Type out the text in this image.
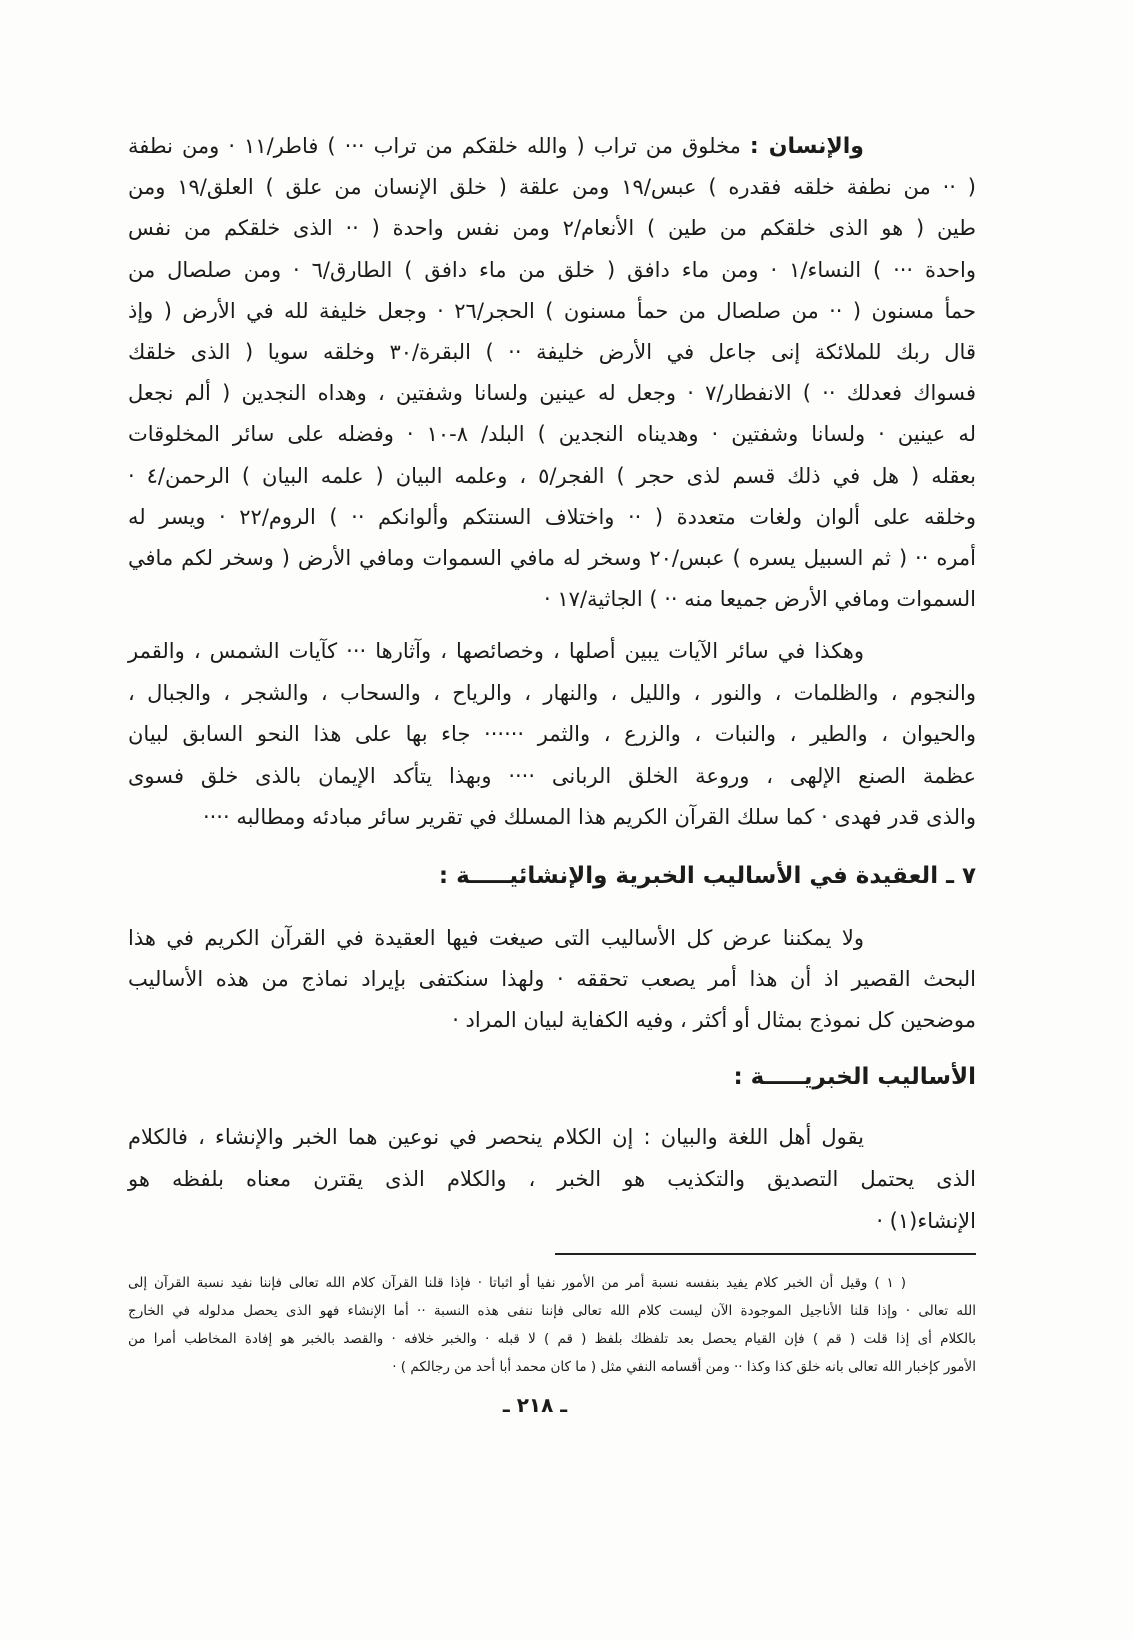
والإنسان : مخلوق من تراب ( والله خلقكم من تراب ··· ) فاطر/١١ · ومن نطفة
( ·· من نطفة خلقه فقدره ) عبس/١٩ ومن علقة ( خلق الإنسان من علق ) العلق/١٩ ومن
طين ( هو الذى خلقكم من طين ) الأنعام/٢ ومن نفس واحدة ( ·· الذى خلقكم من نفس
واحدة ··· ) النساء/١ · ومن ماء دافق ( خلق من ماء دافق ) الطارق/٦ · ومن صلصال من
حمأ مسنون ( ·· من صلصال من حمأ مسنون ) الحجر/٢٦ · وجعل خليفة لله في الأرض ( وإذ
قال ربك للملائكة إنى جاعل في الأرض خليفة ·· ) البقرة/٣٠ وخلقه سويا ( الذى خلقك
فسواك فعدلك ·· ) الانفطار/٧ · وجعل له عينين ولسانا وشفتين ، وهداه النجدين ( ألم نجعل
له عينين · ولسانا وشفتين · وهديناه النجدين ) البلد/ ٨-١٠ · وفضله على سائر المخلوقات
بعقله ( هل في ذلك قسم لذى حجر ) الفجر/٥ ، وعلمه البيان ( علمه البيان ) الرحمن/٤ ·
وخلقه على ألوان ولغات متعددة ( ·· واختلاف السنتكم وألوانكم ·· ) الروم/٢٢ · ويسر له
أمره ·· ( ثم السبيل يسره ) عبس/٢٠ وسخر له مافي السموات ومافي الأرض ( وسخر لكم مافي
السموات ومافي الأرض جميعا منه ·· ) الجاثية/١٧ ·
وهكذا في سائر الآيات يبين أصلها ، وخصائصها ، وآثارها ··· كآيات الشمس ، والقمر
والنجوم ، والظلمات ، والنور ، والليل ، والنهار ، والرياح ، والسحاب ، والشجر ، والجبال ،
والحيوان ، والطير ، والنبات ، والزرع ، والثمر ······ جاء بها على هذا النحو السابق لبيان
عظمة الصنع الإلهى ، وروعة الخلق الربانى ···· وبهذا يتأكد الإيمان بالذى خلق فسوى
والذى قدر فهدى · كما سلك القرآن الكريم هذا المسلك في تقرير سائر مبادئه ومطالبه ····
٧ ـ العقيدة في الأساليب الخبرية والإنشائيـــــة :
ولا يمكننا عرض كل الأساليب التى صيغت فيها العقيدة في القرآن الكريم في هذا
البحث القصير اذ أن هذا أمر يصعب تحققه · ولهذا سنكتفى بإيراد نماذج من هذه الأساليب
موضحين كل نموذج بمثال أو أكثر ، وفيه الكفاية لبيان المراد ·
الأساليب الخبريـــــة :
يقول أهل اللغة والبيان : إن الكلام ينحصر في نوعين هما الخبر والإنشاء ، فالكلام
الذى يحتمل التصديق والتكذيب هو الخبر ، والكلام الذى يقترن معناه بلفظه هو
الإنشاء(١) ·
( ١ ) وقيل أن الخبر كلام يفيد بنفسه نسبة أمر من الأمور نفيا أو اثباتا · فإذا قلنا القرآن كلام الله تعالى فإننا نفيد نسبة القرآن إلى
الله تعالى · وإذا قلنا الأناجيل الموجودة الآن ليست كلام الله تعالى فإننا ننفى هذه النسبة ·· أما الإنشاء فهو الذى يحصل مدلوله في الخارج
بالكلام أى إذا قلت ( قم ) فإن القيام يحصل بعد تلفظك بلفظ ( قم ) لا قبله · والخبر خلافه · والقصد بالخبر هو إفادة المخاطب أمرا من
الأمور كإخبار الله تعالى بانه خلق كذا وكذا ·· ومن أقسامه النفي مثل ( ما كان محمد أبا أحد من رجالكم ) ·
ـ ٢١٨ ـ
